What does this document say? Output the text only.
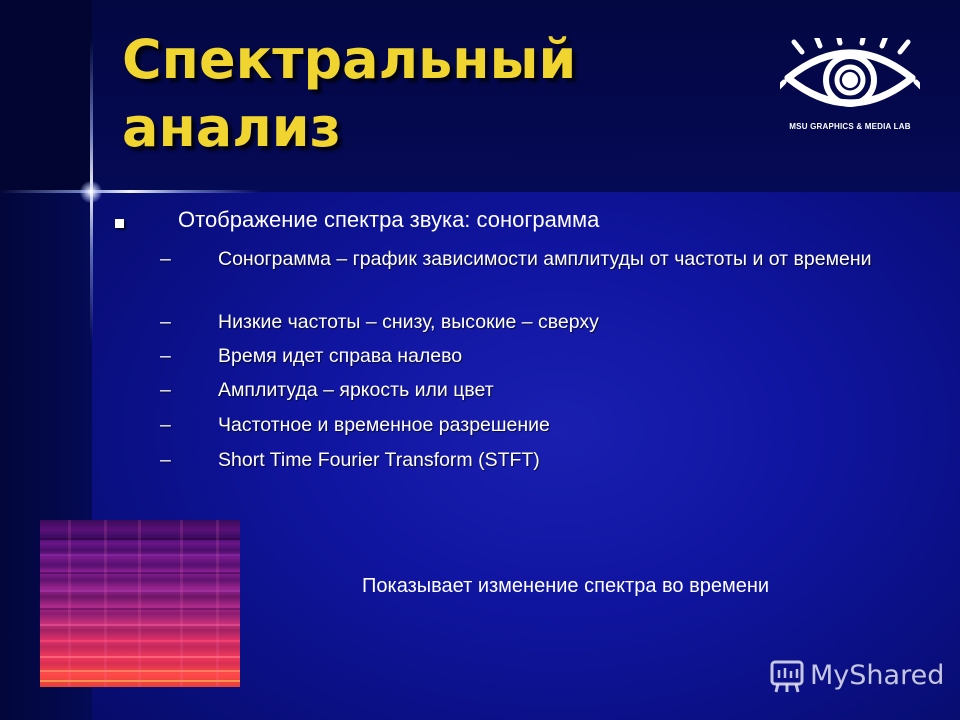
Спектральный
анализ	MSU GRAPHICS & MEDIA LAB
Отображение спектра звука: сонограмма
– Сонограмма – график зависимости амплитуды от частоты и от времени
– Низкие частоты – снизу, высокие – сверху
– Время идет справа налево
– Амплитуда – яркость или цвет
– Частотное и временное разрешение
– Short Time Fourier Transform (STFT)
Показывает изменение спектра во времени
MyShared
